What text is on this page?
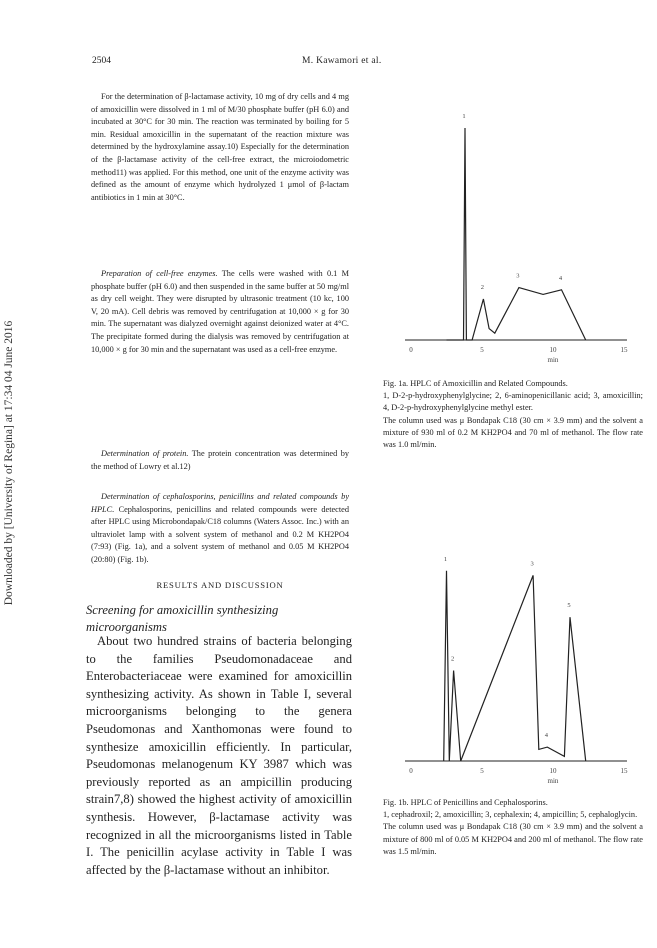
2504	M. Kawamori et al.
Downloaded by [University of Regina] at 17:34 04 June 2016

For the determination of β-lactamase activity, 10 mg of dry cells and 4 mg of amoxicillin were dissolved in 1 ml of M/30 phosphate buffer (pH 6.0) and incubated at 30°C for 30 min. The reaction was terminated by boiling for 5 min. Residual amoxicillin in the supernatant of the reaction mixture was determined by the hydroxylamine assay.10) Especially for the determination of the β-lactamase activity of the cell-free extract, the microiodometric method11) was applied. For this method, one unit of the enzyme activity was defined as the amount of enzyme which hydrolyzed 1 μmol of β-lactam antibiotics in 1 min at 30°C.

Preparation of cell-free enzymes. The cells were washed with 0.1 M phosphate buffer (pH 6.0) and then suspended in the same buffer at 50 mg/ml as dry cell weight. They were disrupted by ultrasonic treatment (10 kc, 100 V, 20 mA). Cell debris was removed by centrifugation at 10,000 × g for 30 min. The supernatant was dialyzed overnight against deionized water at 4°C. The precipitate formed during the dialysis was removed by centrifugation at 10,000 × g for 30 min and the supernatant was used as a cell-free enzyme.

Determination of protein. The protein concentration was determined by the method of Lowry et al.12)

Determination of cephalosporins, penicillins and related compounds by HPLC. Cephalosporins, penicillins and related compounds were detected after HPLC using Microbondapak/C18 columns (Waters Assoc. Inc.) with an ultraviolet lamp with a solvent system of methanol and 0.2 M KH2PO4 (7:93) (Fig. 1a), and a solvent system of methanol and 0.05 M KH2PO4 (20:80) (Fig. 1b).

RESULTS AND DISCUSSION
Screening for amoxicillin synthesizing microorganisms

About two hundred strains of bacteria belonging to the families Pseudomonadaceae and Enterobacteriaceae were examined for amoxicillin synthesizing activity. As shown in Table I, several microorganisms belonging to the genera Pseudomonas and Xanthomonas were found to synthesize amoxicillin efficiently. In particular, Pseudomonas melanogenum KY 3987 which was previously reported as an ampicillin producing strain7,8) showed the highest activity of amoxicillin synthesis. However, β-lactamase activity was recognized in all the microorganisms listed in Table I. The penicillin acylase activity in Table I was affected by the β-lactamase without an inhibitor.

1
2
3	4
0	5	10	15
min

Fig. 1a. HPLC of Amoxicillin and Related Compounds.

1, D-2-p-hydroxyphenylglycine; 2, 6-aminopenicillanic acid; 3, amoxicillin; 4, D-2-p-hydroxyphenylglycine methyl ester.

The column used was μ Bondapak C18 (30 cm × 3.9 mm) and the solvent a mixture of 930 ml of 0.2 M KH2PO4 and 70 ml of methanol. The flow rate was 1.0 ml/min.

1
2
3
4
5
0	5	10	15
min

Fig. 1b. HPLC of Penicillins and Cephalosporins.

1, cephadroxil; 2, amoxicillin; 3, cephalexin; 4, ampicillin; 5, cephaloglycin.

The column used was μ Bondapak C18 (30 cm × 3.9 mm) and the solvent a mixture of 800 ml of 0.05 M KH2PO4 and 200 ml of methanol. The flow rate was 1.5 ml/min.
